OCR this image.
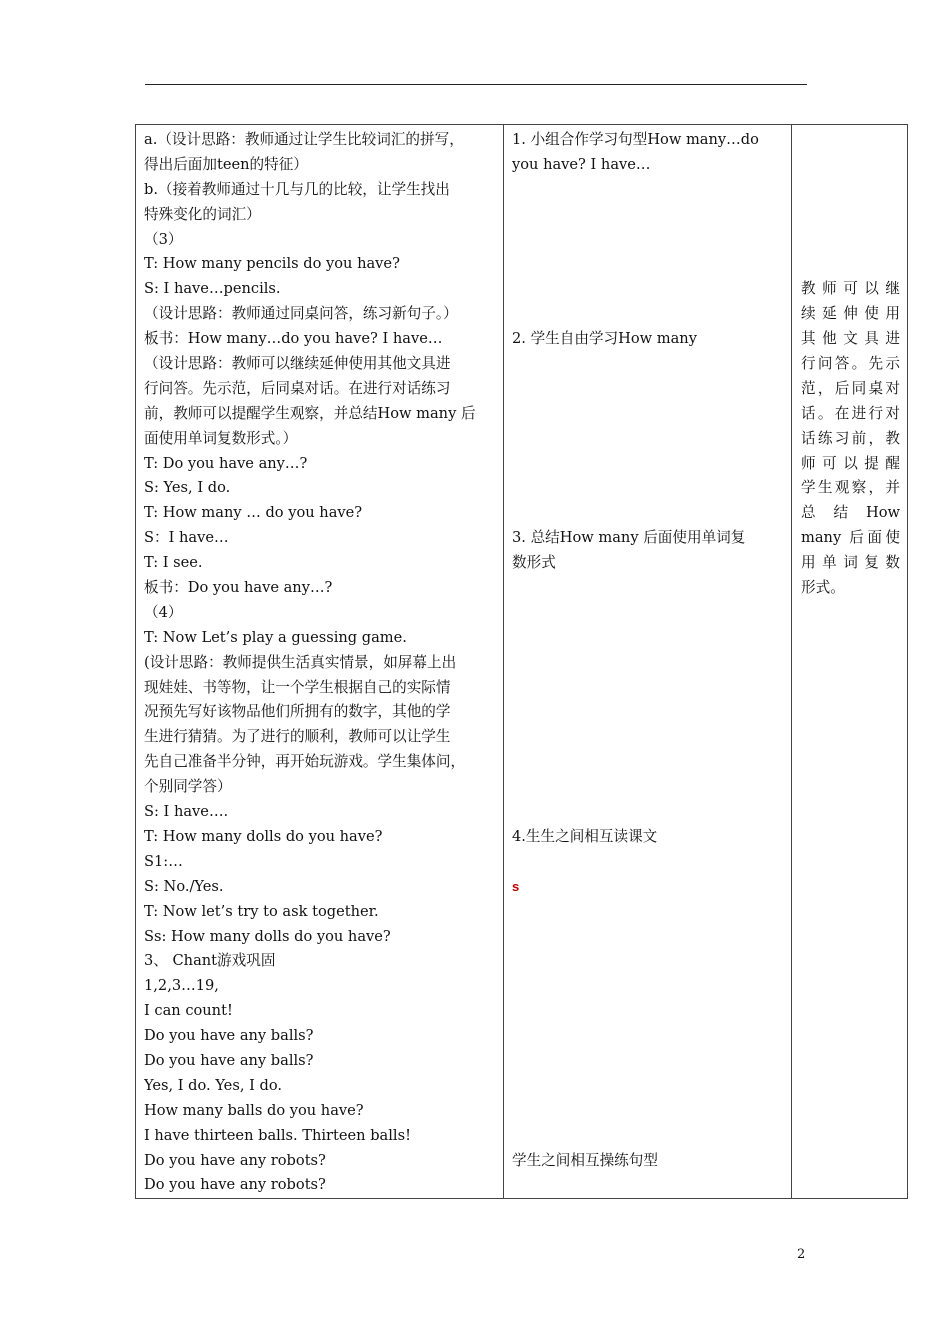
a.（设计思路：教师通过让学生比较词汇的拼写，
得出后面加teen的特征）
b.（接着教师通过十几与几的比较，让学生找出
特殊变化的词汇）
（3）
T: How many pencils do you have?
S: I have…pencils.
（设计思路：教师通过同桌问答，练习新句子。）
板书：How many…do you have? I have…
（设计思路：教师可以继续延伸使用其他文具进
行问答。先示范，后同桌对话。在进行对话练习
前，教师可以提醒学生观察，并总结How many 后
面使用单词复数形式。）
T: Do you have any…?
S: Yes, I do.
T: How many … do you have?
S：I have…
T: I see.
板书：Do you have any…?
（4）
T: Now Let’s play a guessing game.
(设计思路：教师提供生活真实情景，如屏幕上出
现娃娃、书等物，让一个学生根据自己的实际情
况预先写好该物品他们所拥有的数字，其他的学
生进行猜猜。为了进行的顺利，教师可以让学生
先自己准备半分钟，再开始玩游戏。学生集体问，
个别同学答）
S: I have….
T: How many dolls do you have?
S1:…
S: No./Yes.
T: Now let’s try to ask together.
Ss: How many dolls do you have?
3、 Chant游戏巩固
1,2,3…19,
I can count!
Do you have any balls?
Do you have any balls?
Yes, I do. Yes, I do.
How many balls do you have?
I have thirteen balls. Thirteen balls!
Do you have any robots?
Do you have any robots?

1. 小组合作学习句型How many…do
you have? I have…
2. 学生自由学习How many
3. 总结How many 后面使用单词复
数形式
4.生生之间相互读课文
s
学生之间相互操练句型

教师可以继
续延伸使用
其他文具进
行问答。先示
范，后同桌对
话。在进行对
话练习前，教
师可以提醒
学生观察，并
总 结 How
many 后面使
用单词复数
形式。
2
